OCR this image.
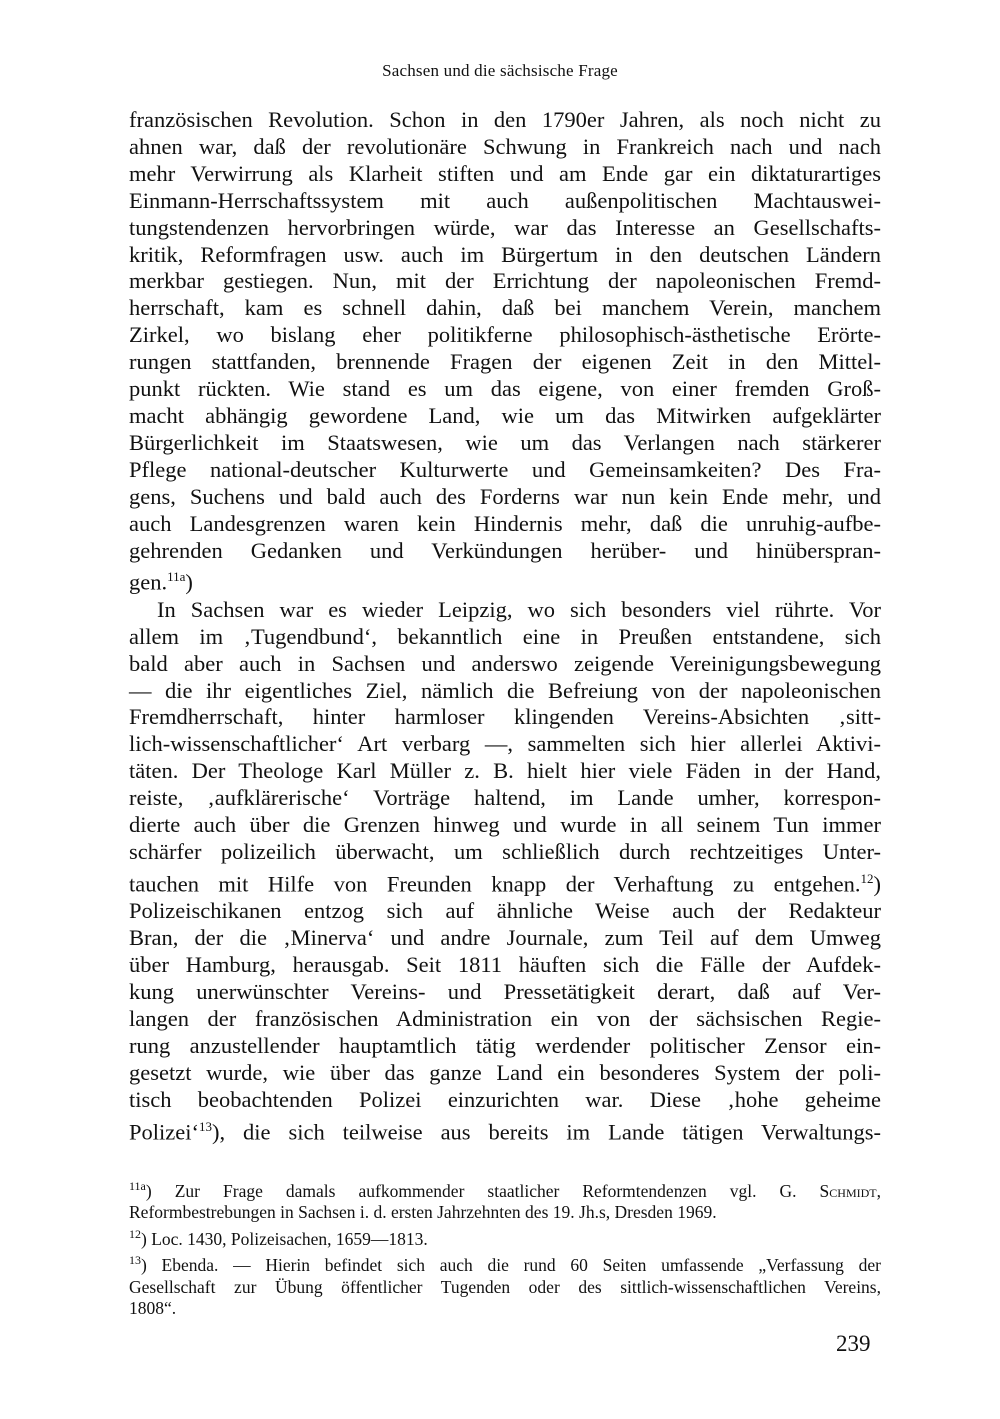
Sachsen und die sächsische Frage
französischen Revolution. Schon in den 1790er Jahren, als noch nicht zu
ahnen war, daß der revolutionäre Schwung in Frankreich nach und nach
mehr Verwirrung als Klarheit stiften und am Ende gar ein diktaturartiges
Einmann-Herrschaftssystem mit auch außenpolitischen Machtauswei-
tungstendenzen hervorbringen würde, war das Interesse an Gesellschafts-
kritik, Reformfragen usw. auch im Bürgertum in den deutschen Ländern
merkbar gestiegen. Nun, mit der Errichtung der napoleonischen Fremd-
herrschaft, kam es schnell dahin, daß bei manchem Verein, manchem
Zirkel, wo bislang eher politikferne philosophisch-ästhetische Erörte-
rungen stattfanden, brennende Fragen der eigenen Zeit in den Mittel-
punkt rückten. Wie stand es um das eigene, von einer fremden Groß-
macht abhängig gewordene Land, wie um das Mitwirken aufgeklärter
Bürgerlichkeit im Staatswesen, wie um das Verlangen nach stärkerer
Pflege national-deutscher Kulturwerte und Gemeinsamkeiten? Des Fra-
gens, Suchens und bald auch des Forderns war nun kein Ende mehr, und
auch Landesgrenzen waren kein Hindernis mehr, daß die unruhig-aufbe-
gehrenden Gedanken und Verkündungen herüber- und hinüberspran-
gen.$^{11a}$)
In Sachsen war es wieder Leipzig, wo sich besonders viel rührte. Vor
allem im ‚Tugendbund‘, bekanntlich eine in Preußen entstandene, sich
bald aber auch in Sachsen und anderswo zeigende Vereinigungsbewegung
— die ihr eigentliches Ziel, nämlich die Befreiung von der napoleonischen
Fremdherrschaft, hinter harmloser klingenden Vereins-Absichten ‚sitt-
lich-wissenschaftlicher‘ Art verbarg —, sammelten sich hier allerlei Aktivi-
täten. Der Theologe Karl Müller z. B. hielt hier viele Fäden in der Hand,
reiste, ‚aufklärerische‘ Vorträge haltend, im Lande umher, korrespon-
dierte auch über die Grenzen hinweg und wurde in all seinem Tun immer
schärfer polizeilich überwacht, um schließlich durch rechtzeitiges Unter-
tauchen mit Hilfe von Freunden knapp der Verhaftung zu entgehen.$^{12}$)
Polizeischikanen entzog sich auf ähnliche Weise auch der Redakteur
Bran, der die ‚Minerva‘ und andre Journale, zum Teil auf dem Umweg
über Hamburg, herausgab. Seit 1811 häuften sich die Fälle der Aufdek-
kung unerwünschter Vereins- und Pressetätigkeit derart, daß auf Ver-
langen der französischen Administration ein von der sächsischen Regie-
rung anzustellender hauptamtlich tätig werdender politischer Zensor ein-
gesetzt wurde, wie über das ganze Land ein besonderes System der poli-
tisch beobachtenden Polizei einzurichten war. Diese ‚hohe geheime
Polizei‘$^{13}$), die sich teilweise aus bereits im Lande tätigen Verwaltungs-
$^{11a}$) Zur Frage damals aufkommender staatlicher Reformtendenzen vgl. G. Schmidt,
Reformbestrebungen in Sachsen i. d. ersten Jahrzehnten des 19. Jh.s, Dresden 1969.
$^{12}$) Loc. 1430, Polizeisachen, 1659—1813.
$^{13}$) Ebenda. — Hierin befindet sich auch die rund 60 Seiten umfassende „Verfassung der
Gesellschaft zur Übung öffentlicher Tugenden oder des sittlich-wissenschaftlichen Vereins,
1808“.
239
